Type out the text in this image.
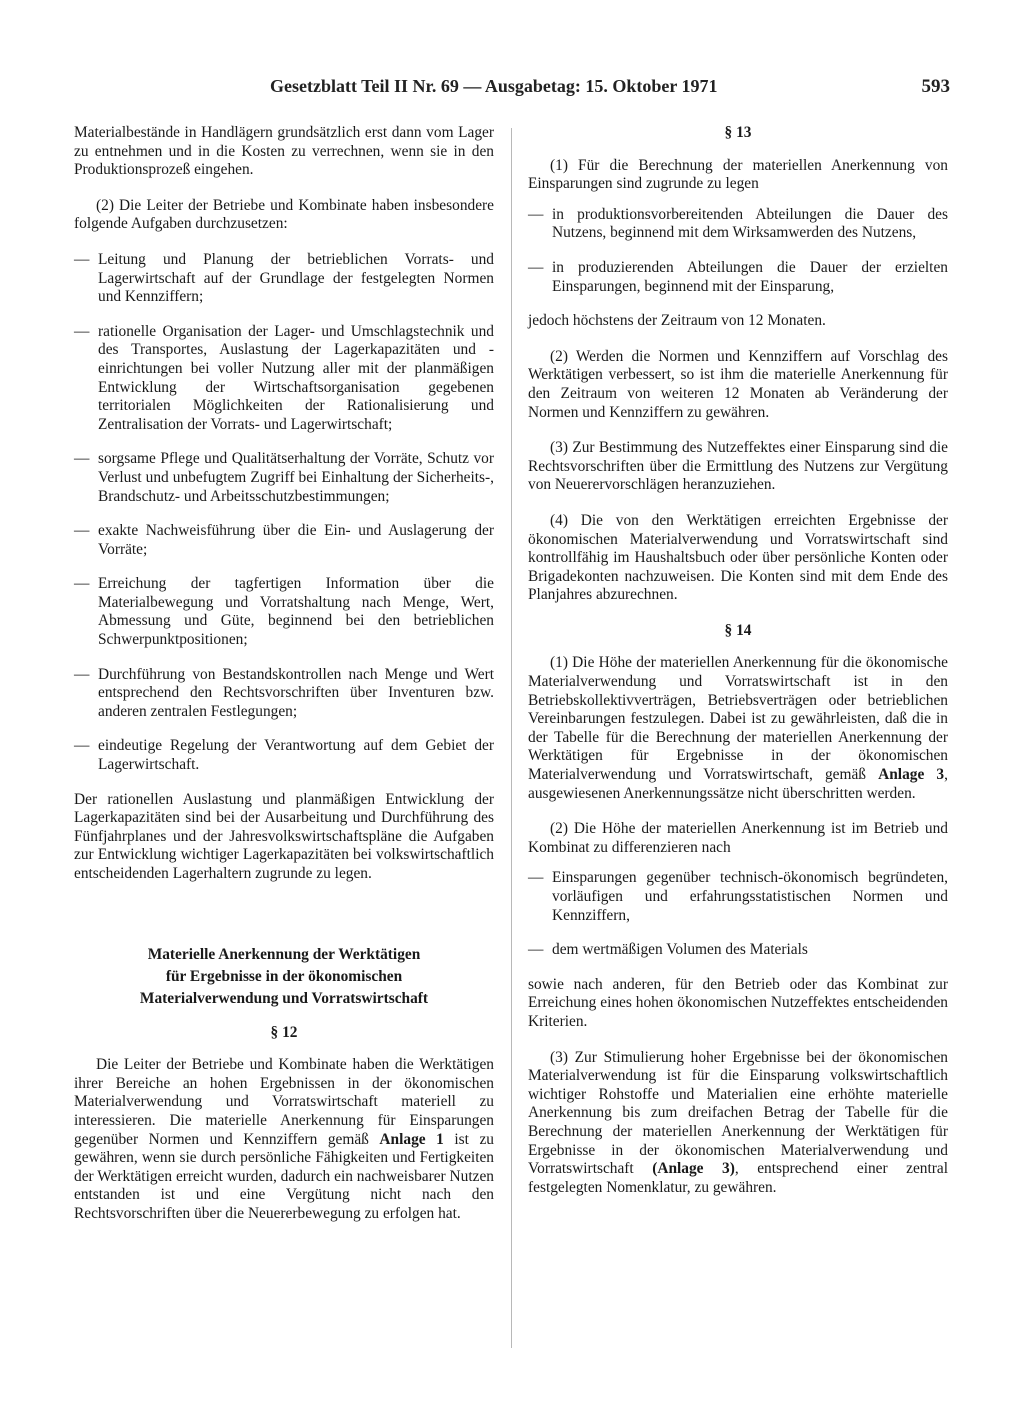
Gesetzblatt Teil II Nr. 69 — Ausgabetag: 15. Oktober 1971	593

Materialbestände in Handlägern grundsätzlich erst dann vom Lager zu entnehmen und in die Kosten zu verrechnen, wenn sie in den Produktionsprozeß eingehen.

(2) Die Leiter der Betriebe und Kombinate haben insbesondere folgende Aufgaben durchzusetzen:

— Leitung und Planung der betrieblichen Vorrats- und Lagerwirtschaft auf der Grundlage der festgelegten Normen und Kennziffern;

— rationelle Organisation der Lager- und Umschlagstechnik und des Transportes, Auslastung der Lagerkapazitäten und -einrichtungen bei voller Nutzung aller mit der planmäßigen Entwicklung der Wirtschaftsorganisation gegebenen territorialen Möglichkeiten der Rationalisierung und Zentralisation der Vorrats- und Lagerwirtschaft;

— sorgsame Pflege und Qualitätserhaltung der Vorräte, Schutz vor Verlust und unbefugtem Zugriff bei Einhaltung der Sicherheits-, Brandschutz- und Arbeitsschutzbestimmungen;

— exakte Nachweisführung über die Ein- und Auslagerung der Vorräte;

— Erreichung der tagfertigen Information über die Materialbewegung und Vorratshaltung nach Menge, Wert, Abmessung und Güte, beginnend bei den betrieblichen Schwerpunktpositionen;

— Durchführung von Bestandskontrollen nach Menge und Wert entsprechend den Rechtsvorschriften über Inventuren bzw. anderen zentralen Festlegungen;

— eindeutige Regelung der Verantwortung auf dem Gebiet der Lagerwirtschaft.

Der rationellen Auslastung und planmäßigen Entwicklung der Lagerkapazitäten sind bei der Ausarbeitung und Durchführung des Fünfjahrplanes und der Jahresvolkswirtschaftspläne die Aufgaben zur Entwicklung wichtiger Lagerkapazitäten bei volkswirtschaftlich entscheidenden Lagerhaltern zugrunde zu legen.

Materielle Anerkennung der Werktätigen
für Ergebnisse in der ökonomischen
Materialverwendung und Vorratswirtschaft

§ 12

Die Leiter der Betriebe und Kombinate haben die Werktätigen ihrer Bereiche an hohen Ergebnissen in der ökonomischen Materialverwendung und Vorratswirtschaft materiell zu interessieren. Die materielle Anerkennung für Einsparungen gegenüber Normen und Kennziffern gemäß Anlage 1 ist zu gewähren, wenn sie durch persönliche Fähigkeiten und Fertigkeiten der Werktätigen erreicht wurden, dadurch ein nachweisbarer Nutzen entstanden ist und eine Vergütung nicht nach den Rechtsvorschriften über die Neuererbewegung zu erfolgen hat.

§ 13

(1) Für die Berechnung der materiellen Anerkennung von Einsparungen sind zugrunde zu legen

— in produktionsvorbereitenden Abteilungen die Dauer des Nutzens, beginnend mit dem Wirksamwerden des Nutzens,

— in produzierenden Abteilungen die Dauer der erzielten Einsparungen, beginnend mit der Einsparung,

jedoch höchstens der Zeitraum von 12 Monaten.

(2) Werden die Normen und Kennziffern auf Vorschlag des Werktätigen verbessert, so ist ihm die materielle Anerkennung für den Zeitraum von weiteren 12 Monaten ab Veränderung der Normen und Kennziffern zu gewähren.

(3) Zur Bestimmung des Nutzeffektes einer Einsparung sind die Rechtsvorschriften über die Ermittlung des Nutzens zur Vergütung von Neuerervorschlägen heranzuziehen.

(4) Die von den Werktätigen erreichten Ergebnisse der ökonomischen Materialverwendung und Vorratswirtschaft sind kontrollfähig im Haushaltsbuch oder über persönliche Konten oder Brigadekonten nachzuweisen. Die Konten sind mit dem Ende des Planjahres abzurechnen.

§ 14

(1) Die Höhe der materiellen Anerkennung für die ökonomische Materialverwendung und Vorratswirtschaft ist in den Betriebskollektivverträgen, Betriebsverträgen oder betrieblichen Vereinbarungen festzulegen. Dabei ist zu gewährleisten, daß die in der Tabelle für die Berechnung der materiellen Anerkennung der Werktätigen für Ergebnisse in der ökonomischen Materialverwendung und Vorratswirtschaft, gemäß Anlage 3, ausgewiesenen Anerkennungssätze nicht überschritten werden.

(2) Die Höhe der materiellen Anerkennung ist im Betrieb und Kombinat zu differenzieren nach

— Einsparungen gegenüber technisch-ökonomisch begründeten, vorläufigen und erfahrungsstatistischen Normen und Kennziffern,

— dem wertmäßigen Volumen des Materials

sowie nach anderen, für den Betrieb oder das Kombinat zur Erreichung eines hohen ökonomischen Nutzeffektes entscheidenden Kriterien.

(3) Zur Stimulierung hoher Ergebnisse bei der ökonomischen Materialverwendung ist für die Einsparung volkswirtschaftlich wichtiger Rohstoffe und Materialien eine erhöhte materielle Anerkennung bis zum dreifachen Betrag der Tabelle für die Berechnung der materiellen Anerkennung der Werktätigen für Ergebnisse in der ökonomischen Materialverwendung und Vorratswirtschaft (Anlage 3), entsprechend einer zentral festgelegten Nomenklatur, zu gewähren.
